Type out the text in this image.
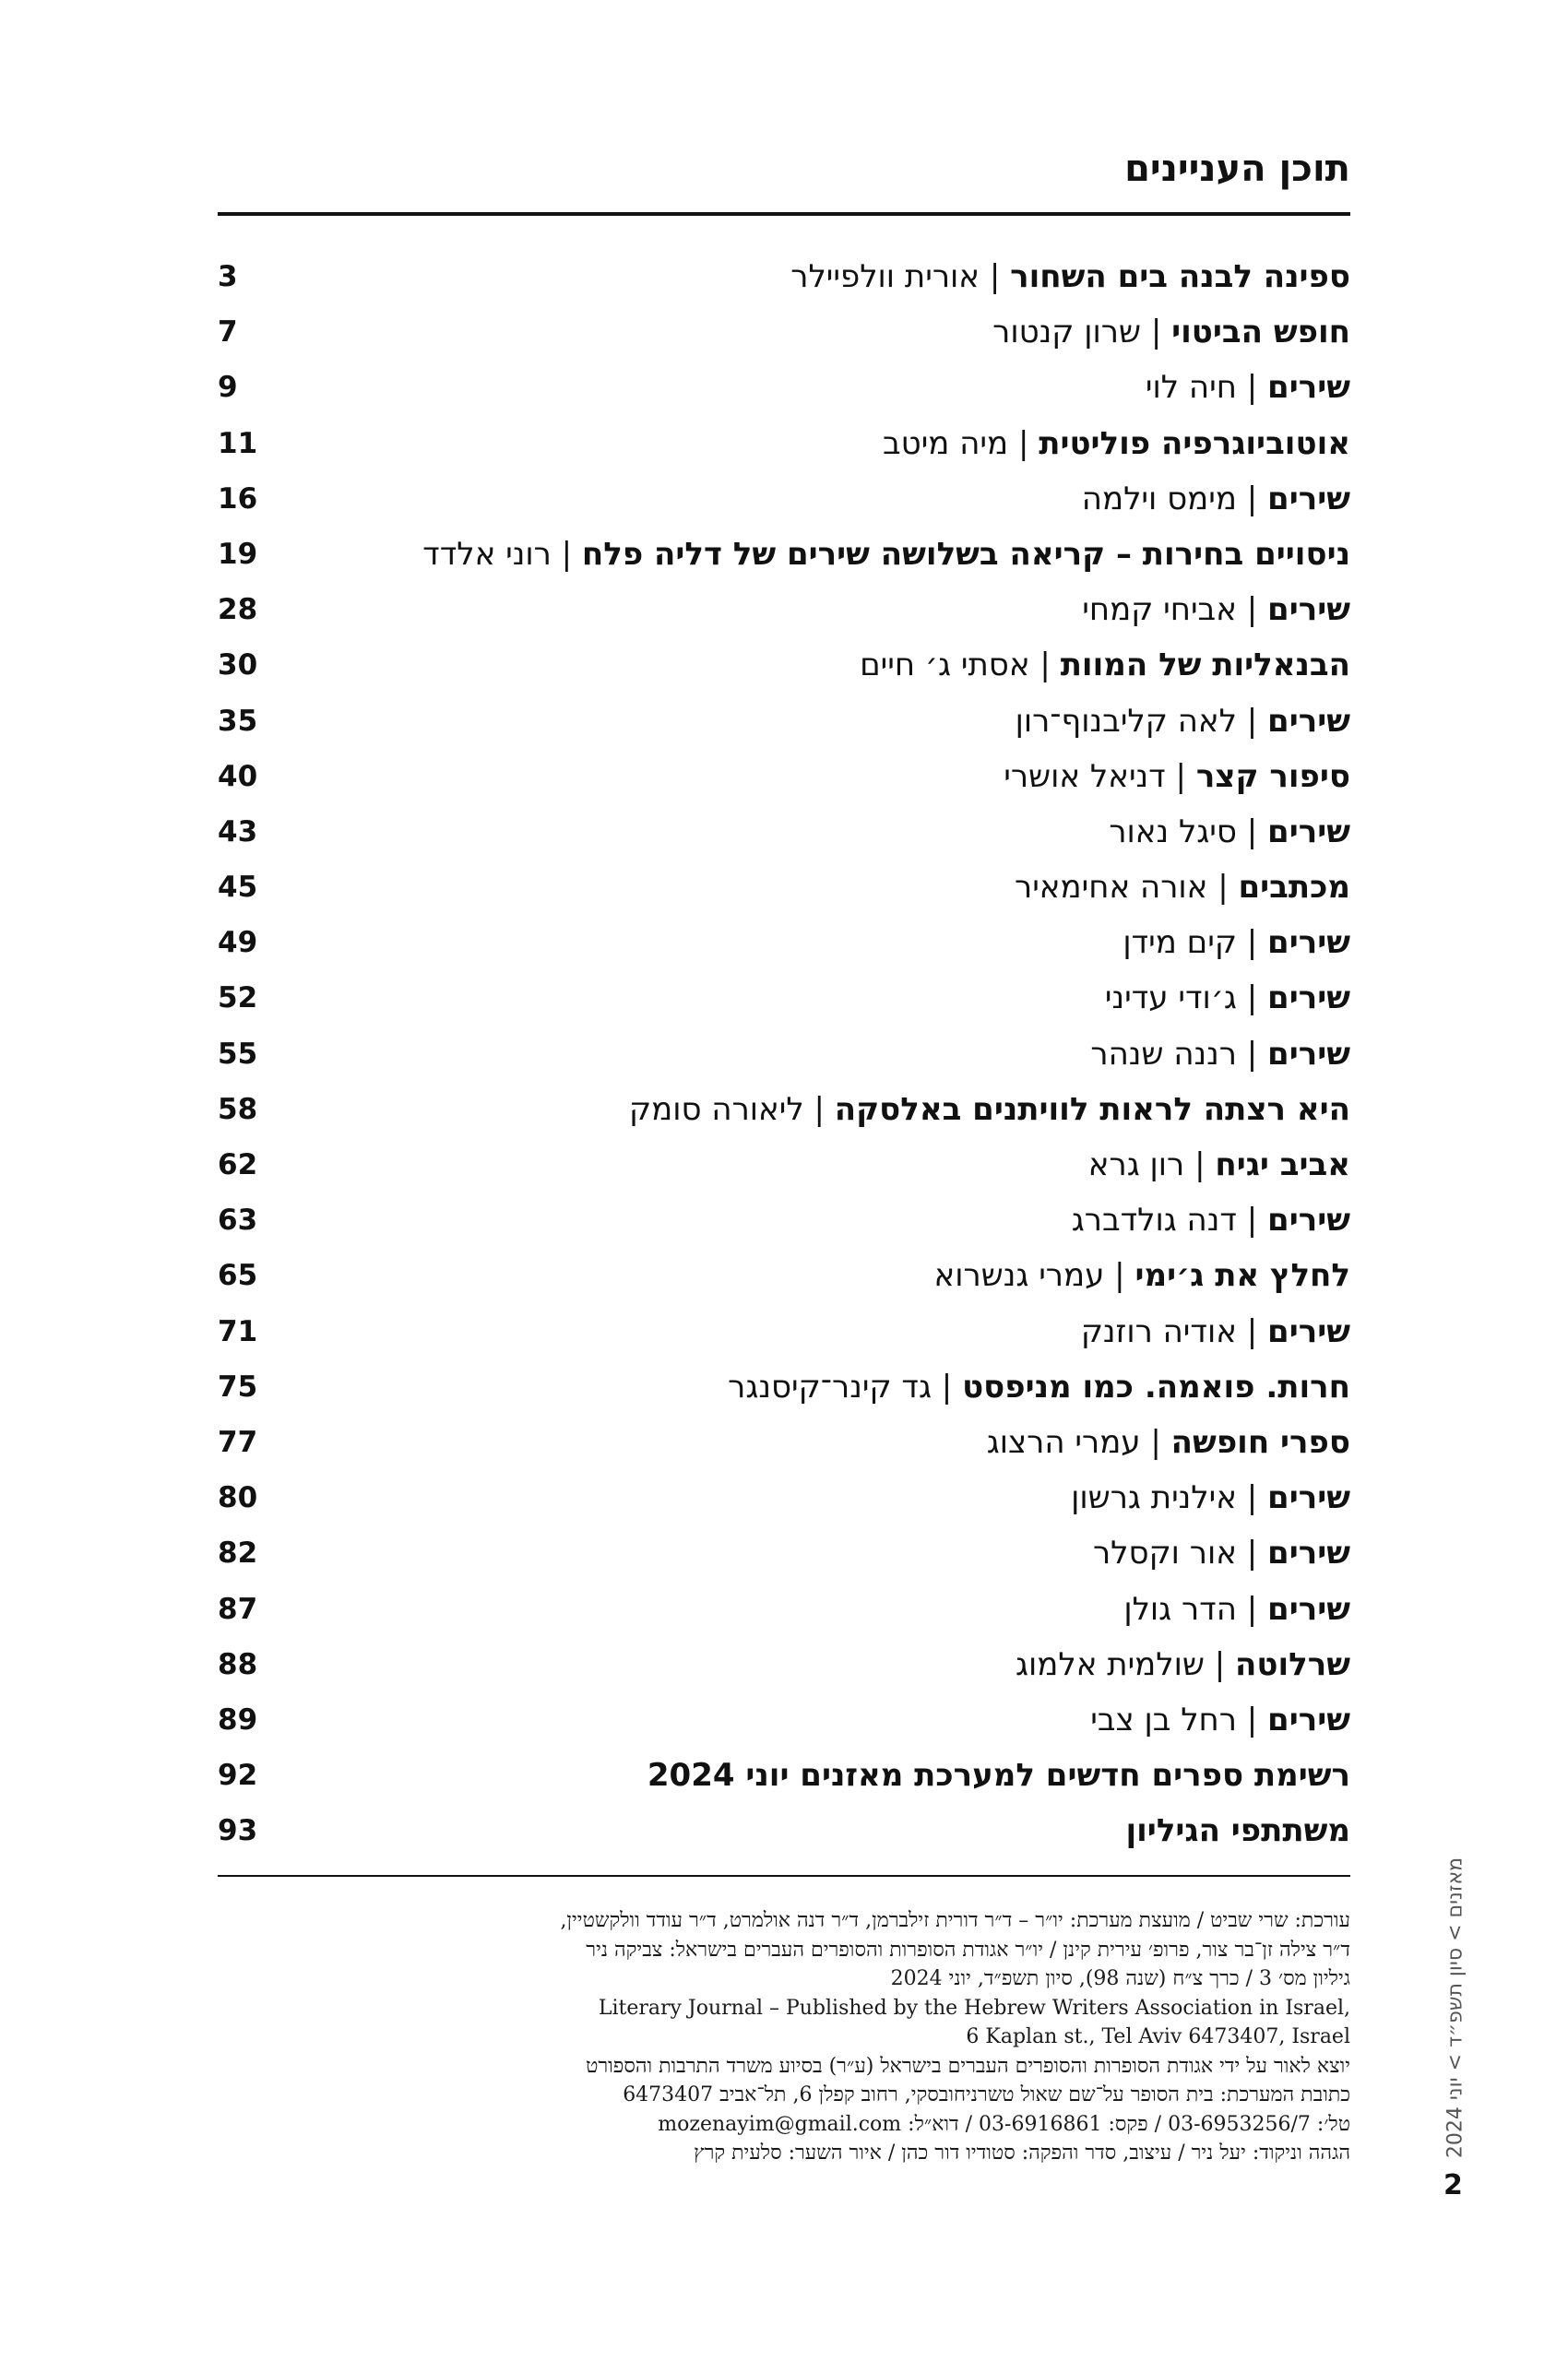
תוכן העניינים
ספינה לבנה בים השחור | אורית וולפיילר
3
חופש הביטוי | שרון קנטור
7
שירים | חיה לוי
9
אוטוביוגרפיה פוליטית | מיה מיטב
11
שירים | מימס וילמה
16
ניסויים בחירות – קריאה בשלושה שירים של דליה פלח | רוני אלדד
19
שירים | אביחי קמחי
28
הבנאליות של המוות | אסתי ג׳ חיים
30
שירים | לאה קליבנוף־רון
35
סיפור קצר | דניאל אושרי
40
שירים | סיגל נאור
43
מכתבים | אורה אחימאיר
45
שירים | קים מידן
49
שירים | ג׳ודי עדיני
52
שירים | רננה שנהר
55
היא רצתה לראות לוויתנים באלסקה | ליאורה סומק
58
אביב יגיח | רון גרא
62
שירים | דנה גולדברג
63
לחלץ את ג׳ימי | עמרי גנשרוא
65
שירים | אודיה רוזנק
71
חרות. פואמה. כמו מניפסט | גד קינר־קיסנגר
75
ספרי חופשה | עמרי הרצוג
77
שירים | אילנית גרשון
80
שירים | אור וקסלר
82
שירים | הדר גולן
87
שרלוטה | שולמית אלמוג
88
שירים | רחל בן צבי
89
רשימת ספרים חדשים למערכת מאזנים יוני 2024
92
משתתפי הגיליון
93
עורכת: שרי שביט / מועצת מערכת: יו״ר – ד״ר דורית זילברמן, ד״ר דנה אולמרט, ד״ר עודד וולקשטיין,
ד״ר צילה זן־בר צור, פרופ׳ עירית קינן / יו״ר אגודת הסופרות והסופרים העברים בישראל: צביקה ניר
גיליון מס׳ 3 / כרך צ״ח (שנה 98), סיון תשפ״ד, יוני 2024
Literary Journal – Published by the Hebrew Writers Association in Israel,
6 Kaplan st., Tel Aviv 6473407, Israel
יוצא לאור על ידי אגודת הסופרות והסופרים העברים בישראל (ע״ר) בסיוע משרד התרבות והספורט
כתובת המערכת: בית הסופר על־שם שאול טשרניחובסקי, רחוב קפלן 6, תל־אביב 6473407
טל׳: 03-6953256/7 / פקס: 03-6916861 / דוא״ל: mozenayim@gmail.com
הגהה וניקוד: יעל ניר / עיצוב, סדר והפקה: סטודיו דור כהן / איור השער: סלעית קרץ	מאזנים > סיון תשפ״ד > יוני 2024
2
